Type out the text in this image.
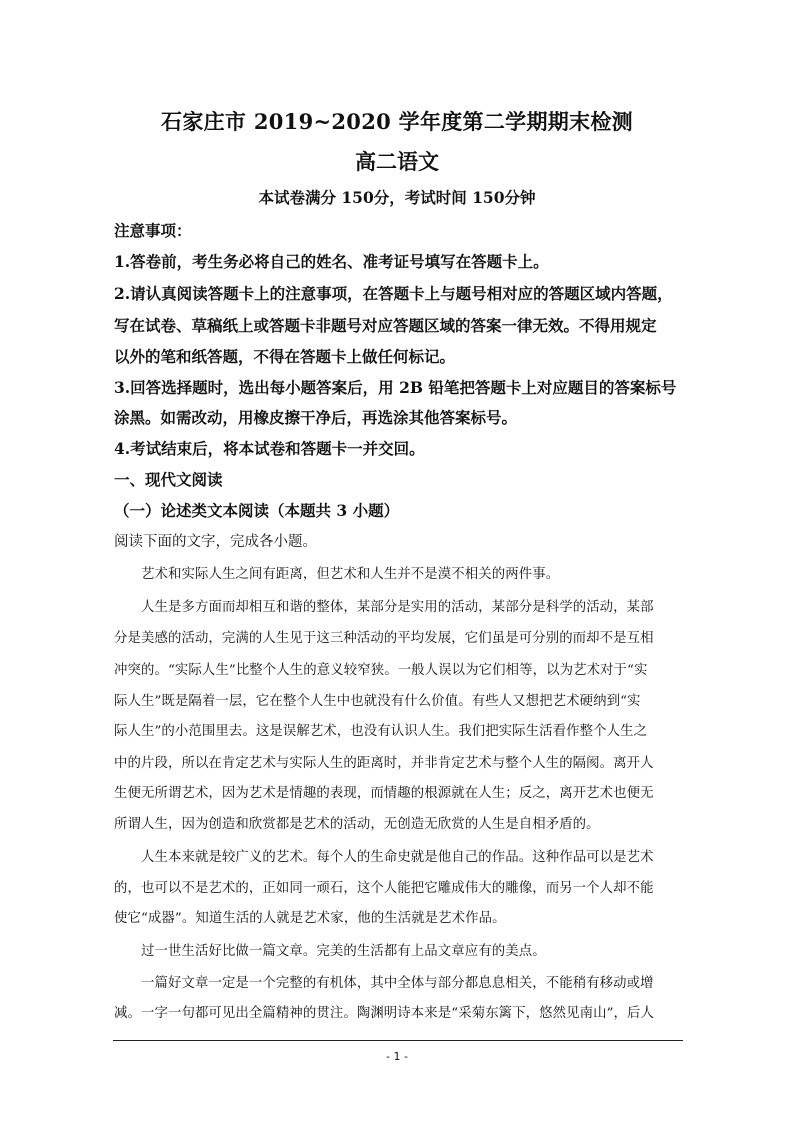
石家庄市 2019~2020 学年度第二学期期末检测
高二语文
本试卷满分 150分，考试时间 150分钟
注意事项：
1.答卷前，考生务必将自己的姓名、准考证号填写在答题卡上。
2.请认真阅读答题卡上的注意事项，在答题卡上与题号相对应的答题区域内答题，
写在试卷、草稿纸上或答题卡非题号对应答题区域的答案一律无效。不得用规定
以外的笔和纸答题，不得在答题卡上做任何标记。
3.回答选择题时，选出每小题答案后，用 2B 铅笔把答题卡上对应题目的答案标号
涂黑。如需改动，用橡皮擦干净后，再选涂其他答案标号。
4.考试结束后，将本试卷和答题卡一并交回。
一、现代文阅读
（一）论述类文本阅读（本题共 3 小题）
阅读下面的文字，完成各小题。
艺术和实际人生之间有距离，但艺术和人生并不是漠不相关的两件事。
人生是多方面而却相互和谐的整体，某部分是实用的活动，某部分是科学的活动，某部
分是美感的活动，完满的人生见于这三种活动的平均发展，它们虽是可分别的而却不是互相
冲突的。“实际人生”比整个人生的意义较窄狭。一般人误以为它们相等，以为艺术对于“实
际人生”既是隔着一层，它在整个人生中也就没有什么价值。有些人又想把艺术硬纳到“实
际人生”的小范围里去。这是误解艺术，也没有认识人生。我们把实际生活看作整个人生之
中的片段，所以在肯定艺术与实际人生的距离时，并非肯定艺术与整个人生的隔阂。离开人
生便无所谓艺术，因为艺术是情趣的表现，而情趣的根源就在人生；反之，离开艺术也便无
所谓人生，因为创造和欣赏都是艺术的活动，无创造无欣赏的人生是自相矛盾的。
人生本来就是较广义的艺术。每个人的生命史就是他自己的作品。这种作品可以是艺术
的，也可以不是艺术的，正如同一顽石，这个人能把它雕成伟大的雕像，而另一个人却不能
使它“成器”。知道生活的人就是艺术家，他的生活就是艺术作品。
过一世生活好比做一篇文章。完美的生活都有上品文章应有的美点。
一篇好文章一定是一个完整的有机体，其中全体与部分都息息相关，不能稍有移动或增
减。一字一句都可见出全篇精神的贯注。陶渊明诗本来是“采菊东篱下，悠然见南山”，后人
- 1 -
